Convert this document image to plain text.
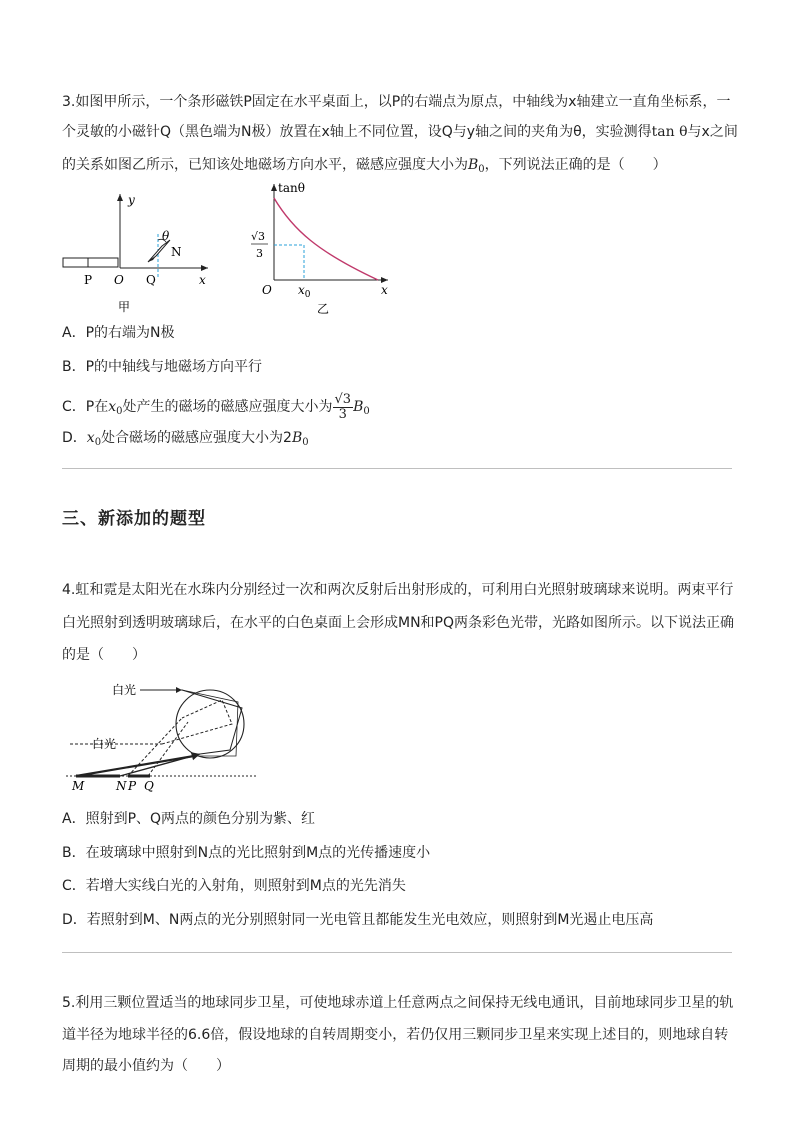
3.如图甲所示，一个条形磁铁P固定在水平桌面上，以P的右端点为原点，中轴线为x轴建立一直角坐标系，一
个灵敏的小磁针Q（黑色端为N极）放置在x轴上不同位置，设Q与y轴之间的夹角为θ，实验测得tan θ与x之间
的关系如图乙所示，已知该处地磁场方向水平，磁感应强度大小为$B_0$，下列说法正确的是（　　）
y
x
O
P	Q
N
θ
甲
tanθ
√3
3
O $x_0$	x
乙
A．P的右端为N极
B．P的中轴线与地磁场方向平行
C．P在$x_0$处产生的磁场的磁感应强度大小为 $\frac{√3}{3} B_0$
D．$x_0$处合磁场的磁感应强度大小为$2B_0$
三、新添加的题型
4.虹和霓是太阳光在水珠内分别经过一次和两次反射后出射形成的，可利用白光照射玻璃球来说明。两束平行
白光照射到透明玻璃球后，在水平的白色桌面上会形成MN和PQ两条彩色光带，光路如图所示。以下说法正确
的是（　　）
白光
白光
M	N P Q
A．照射到P、Q两点的颜色分别为紫、红
B．在玻璃球中照射到N点的光比照射到M点的光传播速度小
C．若增大实线白光的入射角，则照射到M点的光先消失
D．若照射到M、N两点的光分别照射同一光电管且都能发生光电效应，则照射到M光遏止电压高
5.利用三颗位置适当的地球同步卫星，可使地球赤道上任意两点之间保持无线电通讯，目前地球同步卫星的轨
道半径为地球半径的6.6倍，假设地球的自转周期变小，若仍仅用三颗同步卫星来实现上述目的，则地球自转
周期的最小值约为（　　）
